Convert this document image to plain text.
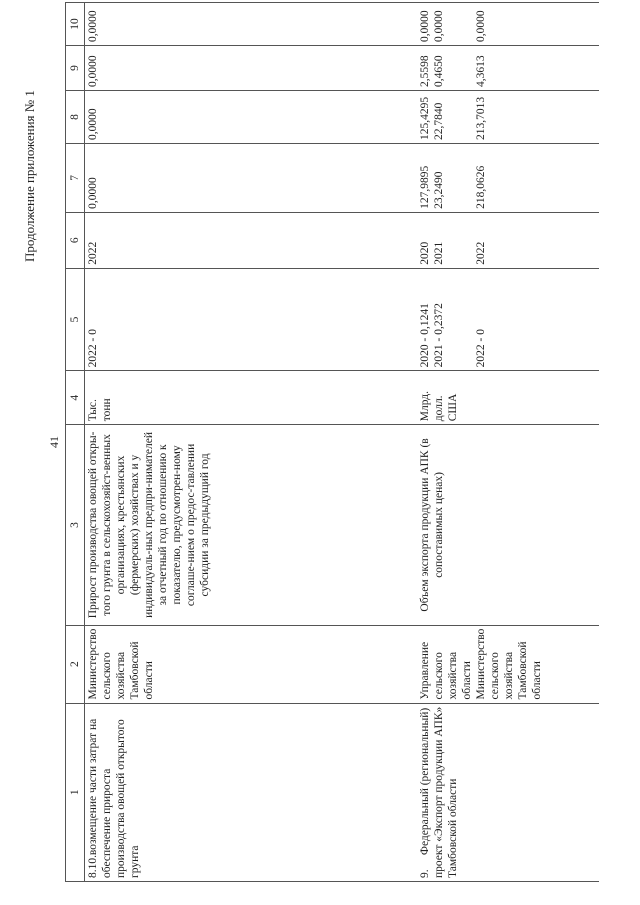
Продолжение приложения № 1
41
1	2	3	4	5	6	7	8	9	10
8.10. возмещение части затрат на обеспечение прироста производства овощей открытого грунта	Министерство сельского хозяйства Тамбовской области	Прирост производства овощей откры-того грунта в сельскохозяйст-венных организациях, крестьянских (фермерских) хозяйствах и у индивидуаль-ных предпри-нимателей за отчетный год по отношению к показателю, предусмотрен-ному соглаше-нием о предос-тавлении субсидии за предыдущий год	Тыс. тонн	2022 - 0	2022	0,0000	0,0000	0,0000	0,0000
9. Федеральный (региональный) проект «Экспорт продукции АПК» Тамбовской области	Управление сельского хозяйства области Министерство сельского хозяйства Тамбовской области	Объем экспорта продукции АПК (в сопоставимых ценах)	Млрд. долл. США	2020 - 0,1241 2021 - 0,2372 2022 - 0	2020 2021 2022	127,9895 23,2490 218,0626	125,4295 22,7840 213,7013	2,5598 0,4650 4,3613	0,0000 0,0000 0,0000
